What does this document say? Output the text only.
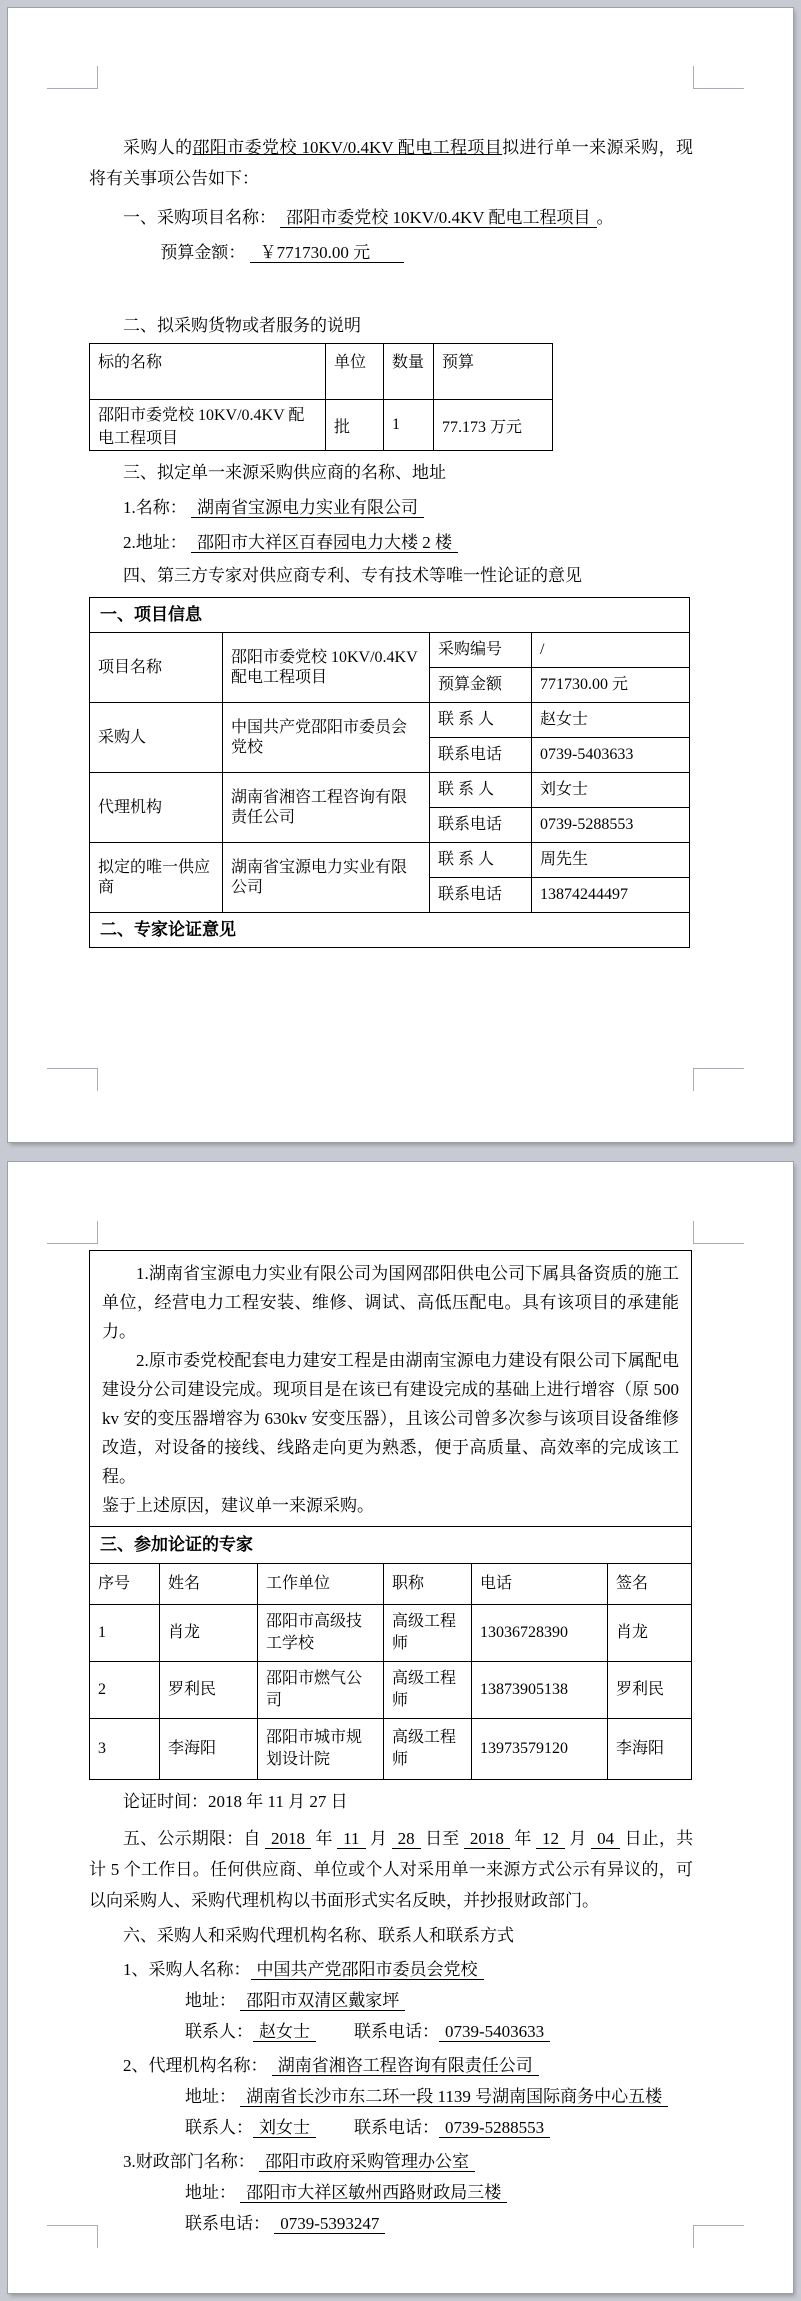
采购人的邵阳市委党校 10KV/0.4KV 配电工程项目拟进行单一来源采购，现将有关事项公告如下：

一、采购项目名称： 邵阳市委党校 10KV/0.4KV 配电工程项目 。

预算金额： ￥771730.00 元

二、拟采购货物或者服务的说明

标的名称	单位	数量	预算
邵阳市委党校 10KV/0.4KV 配电工程项目	批	1	77.173 万元

三、拟定单一来源采购供应商的名称、地址

1.名称： 湖南省宝源电力实业有限公司

2.地址： 邵阳市大祥区百春园电力大楼 2 楼

四、第三方专家对供应商专利、专有技术等唯一性论证的意见

一、项目信息			
项目名称	邵阳市委党校 10KV/0.4KV 配电工程项目	采购编号	/
		预算金额	771730.00 元
采购人	中国共产党邵阳市委员会党校	联 系 人	赵女士
		联系电话	0739-5403633
代理机构	湖南省湘咨工程咨询有限责任公司	联 系 人	刘女士
		联系电话	0739-5288553
拟定的唯一供应商	湖南省宝源电力实业有限公司	联 系 人	周先生
		联系电话	13874244497
二、专家论证意见			

1.湖南省宝源电力实业有限公司为国网邵阳供电公司下属具备资质的施工单位，经营电力工程安装、维修、调试、高低压配电。具有该项目的承建能力。

2.原市委党校配套电力建安工程是由湖南宝源电力建设有限公司下属配电建设分公司建设完成。现项目是在该已有建设完成的基础上进行增容（原 500kv 安的变压器增容为 630kv 安变压器），且该公司曾多次参与该项目设备维修改造，对设备的接线、线路走向更为熟悉，便于高质量、高效率的完成该工程。

鉴于上述原因，建议单一来源采购。					

三、参加论证的专家					
序号	姓名	工作单位	职称	电话	签名
1	肖龙	邵阳市高级技工学校	高级工程师	13036728390	肖龙
2	罗利民	邵阳市燃气公司	高级工程师	13873905138	罗利民
3	李海阳	邵阳市城市规划设计院	高级工程师	13973579120	李海阳

论证时间：2018 年 11 月 27 日

五、公示期限：自 2018 年 11 月 28 日至 2018 年 12 月 04 日止，共计 5 个工作日。任何供应商、单位或个人对采用单一来源方式公示有异议的，可以向采购人、采购代理机构以书面形式实名反映，并抄报财政部门。

六、采购人和采购代理机构名称、联系人和联系方式

1、采购人名称： 中国共产党邵阳市委员会党校

地址： 邵阳市双清区戴家坪

联系人： 赵女士	联系电话： 0739-5403633

2、代理机构名称： 湖南省湘咨工程咨询有限责任公司

地址： 湖南省长沙市东二环一段 1139 号湖南国际商务中心五楼

联系人： 刘女士	联系电话： 0739-5288553

3.财政部门名称： 邵阳市政府采购管理办公室

地址： 邵阳市大祥区敏州西路财政局三楼

联系电话： 0739-5393247
